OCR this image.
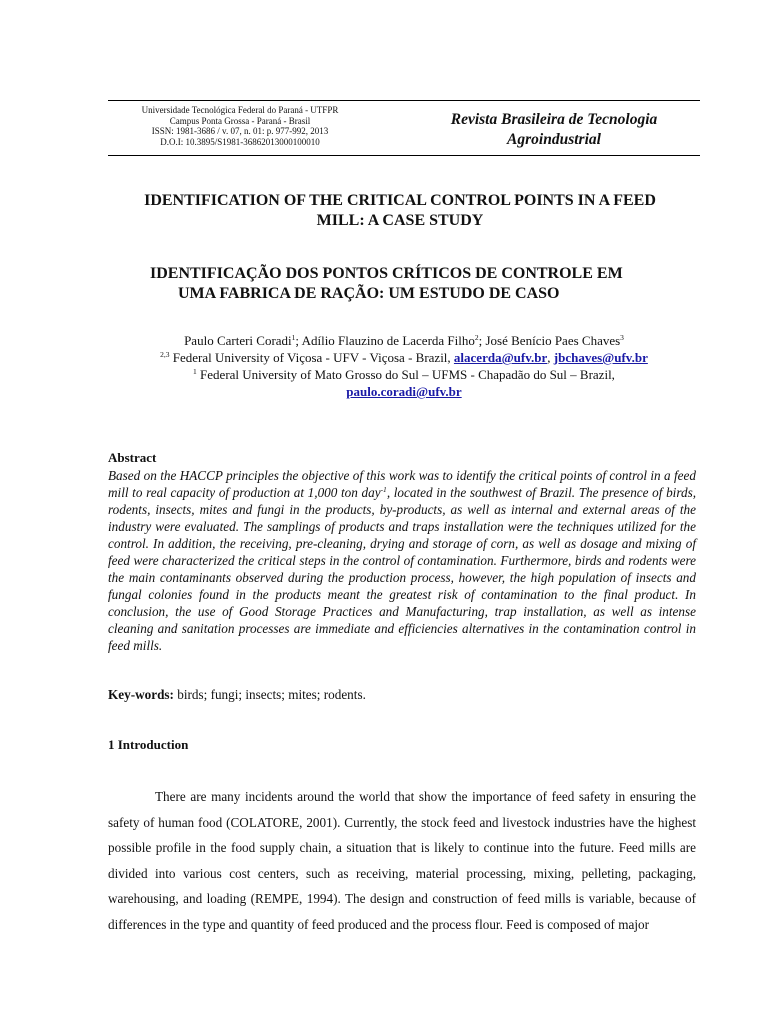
Universidade Tecnológica Federal do Paraná - UTFPR
Campus Ponta Grossa - Paraná - Brasil
ISSN: 1981-3686 / v. 07, n. 01: p. 977-992, 2013
D.O.I: 10.3895/S1981-36862013000100010
Revista Brasileira de Tecnologia
Agroindustrial
IDENTIFICATION OF THE CRITICAL CONTROL POINTS IN A FEED
MILL: A CASE STUDY
IDENTIFICAÇÃO DOS PONTOS CRÍTICOS DE CONTROLE EM
UMA FABRICA DE RAÇÃO: UM ESTUDO DE CASO
Paulo Carteri Coradi$^1$; Adílio Flauzino de Lacerda Filho$^2$; José Benício Paes Chaves$^3$
$^{2,3}$ Federal University of Viçosa - UFV - Viçosa - Brazil, alacerda@ufv.br, jbchaves@ufv.br
$^1$ Federal University of Mato Grosso do Sul – UFMS - Chapadão do Sul – Brazil,
paulo.coradi@ufv.br
Abstract
Based on the HACCP principles the objective of this work was to identify the critical points of control in a feed mill to real capacity of production at 1,000 ton day$^{-1}$, located in the southwest of Brazil. The presence of birds, rodents, insects, mites and fungi in the products, by-products, as well as internal and external areas of the industry were evaluated. The samplings of products and traps installation were the techniques utilized for the control. In addition, the receiving, pre-cleaning, drying and storage of corn, as well as dosage and mixing of feed were characterized the critical steps in the control of contamination. Furthermore, birds and rodents were the main contaminants observed during the production process, however, the high population of insects and fungal colonies found in the products meant the greatest risk of contamination to the final product. In conclusion, the use of Good Storage Practices and Manufacturing, trap installation, as well as intense cleaning and sanitation processes are immediate and efficiencies alternatives in the contamination control in feed mills.
Key-words: birds; fungi; insects; mites; rodents.
1 Introduction
There are many incidents around the world that show the importance of feed safety in ensuring the safety of human food (COLATORE, 2001). Currently, the stock feed and livestock industries have the highest possible profile in the food supply chain, a situation that is likely to continue into the future. Feed mills are divided into various cost centers, such as receiving, material processing, mixing, pelleting, packaging, warehousing, and loading (REMPE, 1994). The design and construction of feed mills is variable, because of differences in the type and quantity of feed produced and the process flour. Feed is composed of major
